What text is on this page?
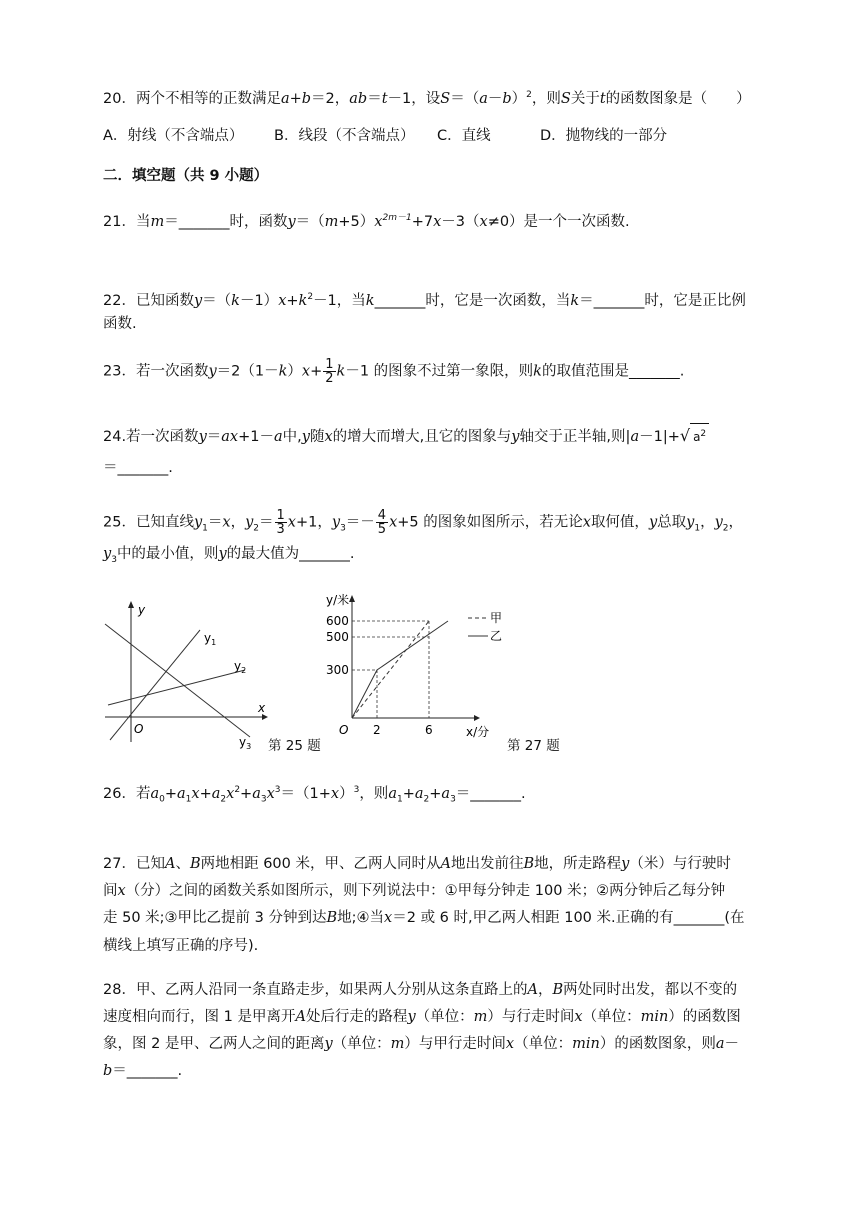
20．两个不相等的正数满足a+b＝2，ab＝t－1，设$S=(a-b)^2$，则S关于t的函数图象是（　　）
A．射线（不含端点） B．线段（不含端点） C．直线	D．抛物线的一部分
二．填空题（共 9 小题）
21．当m＝_______时，函数$y=(m+5)x^{2m-1}+7x-3(x\ne 0)$是一个一次函数.
22．已知函数$y=(k-1)x+k^2-1$，当k_______时，它是一次函数，当k＝_______时，它是正比例
函数.
23．若一次函数$y=2(1-k)x+ \frac{1}{2} k-1$ 的图象不过第一象限，则k的取值范围是_______.
24.若一次函数y＝ax+1－a中,y随x的增大而增大,且它的图象与y轴交于正半轴,则|a－1|+√ $a^2$
＝_______.
25．已知直线$y_1=x$，$y_2= \frac{1}{3} x+1$，$y_3=- \frac{4}{5} x+5$ 的图象如图所示，若无论x取何值，y总取$y_1$，$y_2$，
$y_3$中的最小值，则y的最大值为_______.
y
x
O
$y_1$
$y_2$
$y_3$ 第 25 题
y/米
600
500
300
O 2	6	x/分
甲
乙
第 27 题
26．若$a_0+a_1x+a_2x^2+a_3x^3=(1+x)^3$，则$a_1+a_2+a_3=\_\_\_\_\_\_\_$.
27．已知A、B两地相距 600 米，甲、乙两人同时从A地出发前往B地，所走路程y（米）与行驶时
间x（分）之间的函数关系如图所示，则下列说法中：①甲每分钟走 100 米；②两分钟后乙每分钟
走 50 米;③甲比乙提前 3 分钟到达B地;④当x＝2 或 6 时,甲乙两人相距 100 米.正确的有_______(在
横线上填写正确的序号).
28．甲、乙两人沿同一条直路走步，如果两人分别从这条直路上的A，B两处同时出发，都以不变的
速度相向而行，图 1 是甲离开A处后行走的路程y（单位：m）与行走时间x（单位：min）的函数图
象，图 2 是甲、乙两人之间的距离y（单位：m）与甲行走时间x（单位：min）的函数图象，则a－
b＝_______.
